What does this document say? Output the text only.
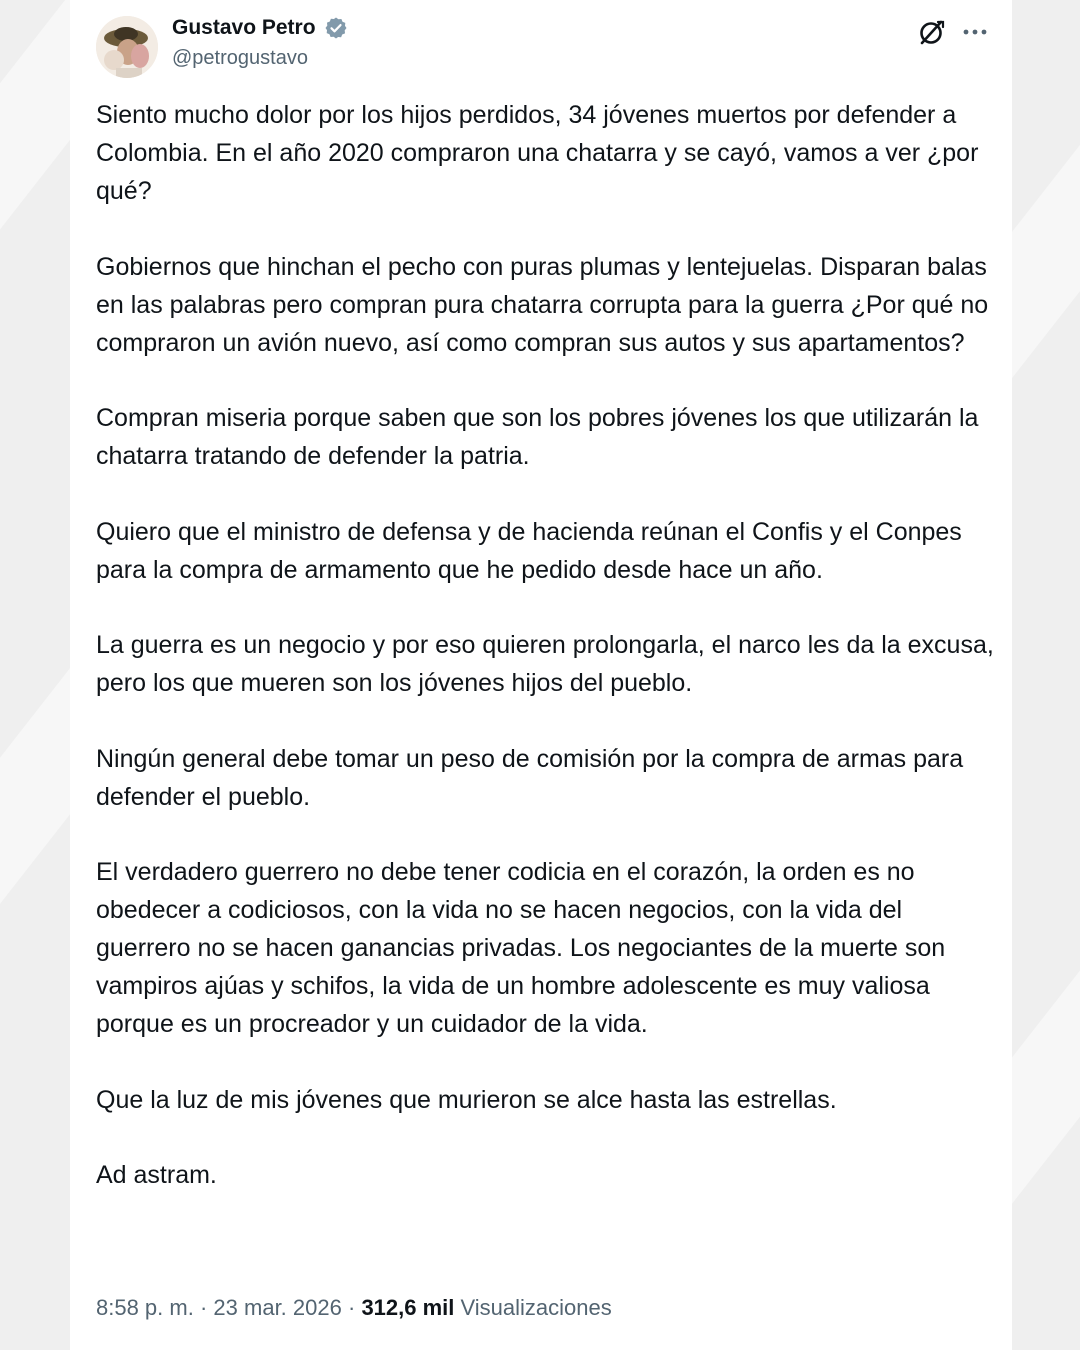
Gustavo Petro
@petrogustavo

Siento mucho dolor por los hijos perdidos, 34 jóvenes muertos por defender a Colombia. En el año 2020 compraron una chatarra y se cayó, vamos a ver ¿por qué?

Gobiernos que hinchan el pecho con puras plumas y lentejuelas. Disparan balas en las palabras pero compran pura chatarra corrupta para la guerra ¿Por qué no compraron un avión nuevo, así como compran sus autos y sus apartamentos?

Compran miseria porque saben que son los pobres jóvenes los que utilizarán la chatarra tratando de defender la patria.

Quiero que el ministro de defensa y de hacienda reúnan el Confis y el Conpes para la compra de armamento que he pedido desde hace un año.

La guerra es un negocio y por eso quieren prolongarla, el narco les da la excusa, pero los que mueren son los jóvenes hijos del pueblo.

Ningún general debe tomar un peso de comisión por la compra de armas para defender el pueblo.

El verdadero guerrero no debe tener codicia en el corazón, la orden es no obedecer a codiciosos, con la vida no se hacen negocios, con la vida del guerrero no se hacen ganancias privadas. Los negociantes de la muerte son vampiros ajúas y schifos, la vida de un hombre adolescente es muy valiosa porque es un procreador y un cuidador de la vida.

Que la luz de mis jóvenes que murieron se alce hasta las estrellas.

Ad astram.

8:58 p. m. · 23 mar. 2026 · 312,6 mil Visualizaciones
